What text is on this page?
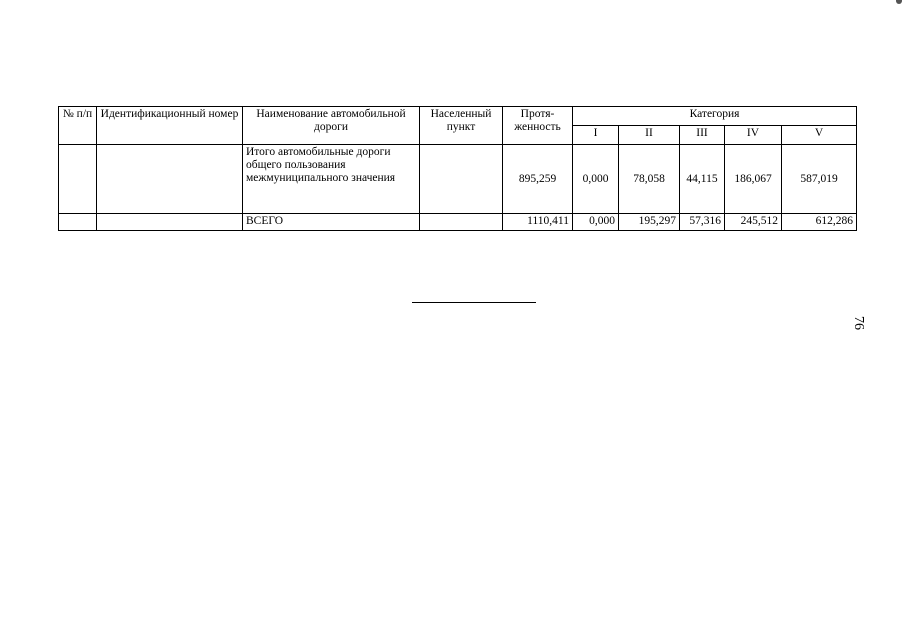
№ п/п	Идентификационный номер	Наименование автомобильной дороги	Населенный пункт	Протя-женность	Категория				
					I	II	III	IV	V
		Итого автомобильные дороги общего пользования межмуниципального значения		895,259	0,000	78,058	44,115	186,067	587,019
		ВСЕГО		1110,411	0,000	195,297	57,316	245,512	612,286
76
